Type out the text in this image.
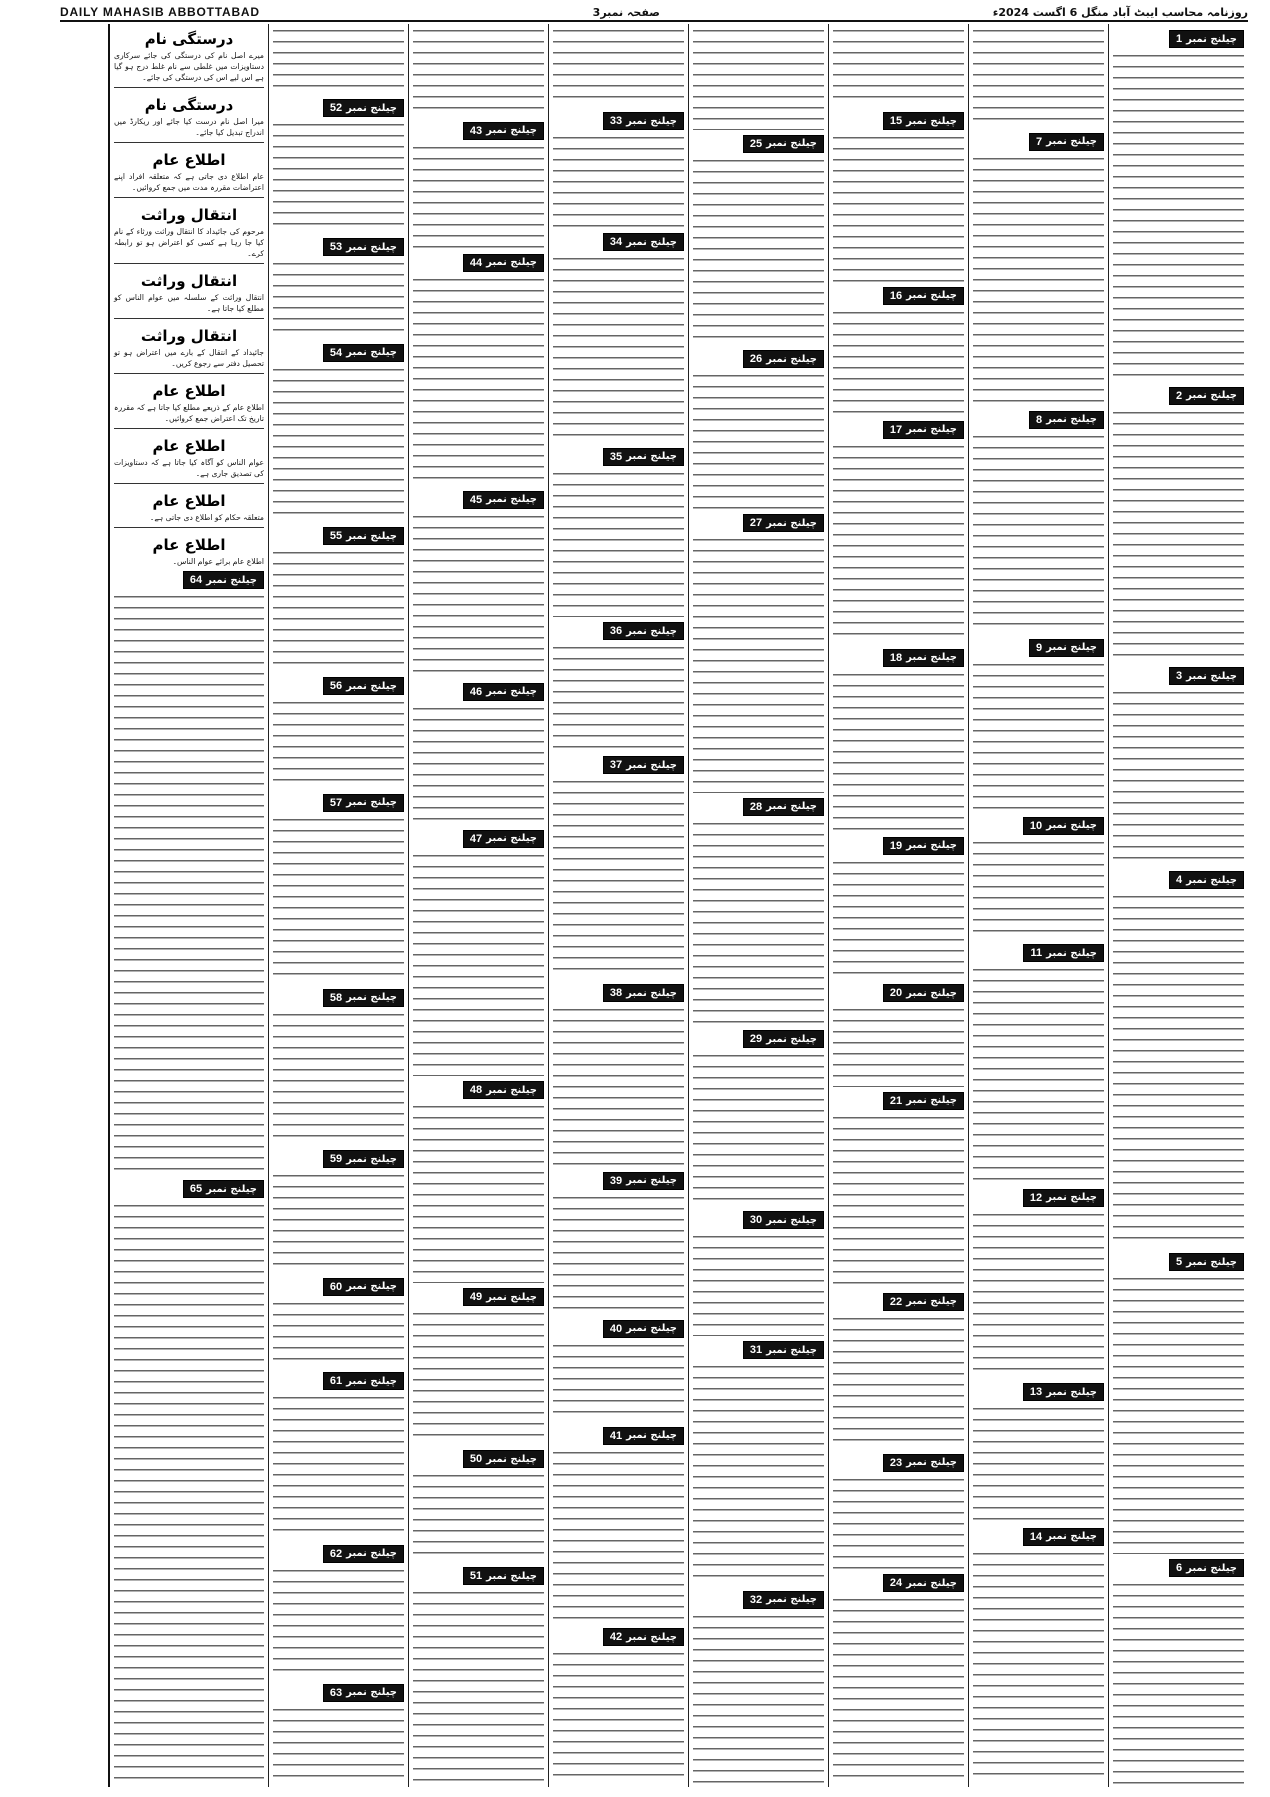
DAILY MAHASIB ABBOTTABAD	صفحہ نمبر3	روزنامہ محاسب ایبٹ آباد منگل 6 اگست 2024ء
چیلنج نمبر
1
چیلنج نمبر
2
چیلنج نمبر
3
چیلنج نمبر
4
چیلنج نمبر
5
چیلنج نمبر
6
چیلنج نمبر
7
چیلنج نمبر
8
چیلنج نمبر
9
چیلنج نمبر
10
چیلنج نمبر
11
چیلنج نمبر
12
چیلنج نمبر
13
چیلنج نمبر
14
چیلنج نمبر
15
چیلنج نمبر
16
چیلنج نمبر
17
چیلنج نمبر
18
چیلنج نمبر
19
چیلنج نمبر
20
چیلنج نمبر
21
چیلنج نمبر
22
چیلنج نمبر
23
چیلنج نمبر
24
چیلنج نمبر
25
چیلنج نمبر
26
چیلنج نمبر
27
چیلنج نمبر
28
چیلنج نمبر
29
چیلنج نمبر
30
چیلنج نمبر
31
چیلنج نمبر
32
چیلنج نمبر
33
چیلنج نمبر
34
چیلنج نمبر
35
چیلنج نمبر
36
چیلنج نمبر
37
چیلنج نمبر
38
چیلنج نمبر
39
چیلنج نمبر
40
چیلنج نمبر
41
چیلنج نمبر
42
چیلنج نمبر
43
چیلنج نمبر
44
چیلنج نمبر
45
چیلنج نمبر
46
چیلنج نمبر
47
چیلنج نمبر
48
چیلنج نمبر
49
چیلنج نمبر
50
چیلنج نمبر
51
چیلنج نمبر
52
چیلنج نمبر
53
چیلنج نمبر
54
چیلنج نمبر
55
چیلنج نمبر
56
چیلنج نمبر
57
چیلنج نمبر
58
چیلنج نمبر
59
چیلنج نمبر
60
چیلنج نمبر
61
چیلنج نمبر
62
چیلنج نمبر
63
درستگی نام
میرے اصل نام کی درستگی کی جائے سرکاری دستاویزات میں غلطی سے نام غلط درج ہو گیا ہے اس لیے اس کی درستگی کی جائے۔
درستگی نام
میرا اصل نام درست کیا جائے اور ریکارڈ میں اندراج تبدیل کیا جائے۔
اطلاع عام
عام اطلاع دی جاتی ہے کہ متعلقہ افراد اپنے اعتراضات مقررہ مدت میں جمع کروائیں۔
انتقال وراثت
مرحوم کی جائیداد کا انتقال وراثت ورثاء کے نام کیا جا رہا ہے کسی کو اعتراض ہو تو رابطہ کرے۔
انتقال وراثت
انتقال وراثت کے سلسلہ میں عوام الناس کو مطلع کیا جاتا ہے۔
انتقال وراثت
جائیداد کے انتقال کے بارے میں اعتراض ہو تو تحصیل دفتر سے رجوع کریں۔
اطلاع عام
اطلاع عام کے ذریعے مطلع کیا جاتا ہے کہ مقررہ تاریخ تک اعتراض جمع کروائیں۔
اطلاع عام
عوام الناس کو آگاہ کیا جاتا ہے کہ دستاویزات کی تصدیق جاری ہے۔
اطلاع عام
متعلقہ حکام کو اطلاع دی جاتی ہے۔
اطلاع عام
اطلاع عام برائے عوام الناس۔
چیلنج نمبر
64
چیلنج نمبر
65
